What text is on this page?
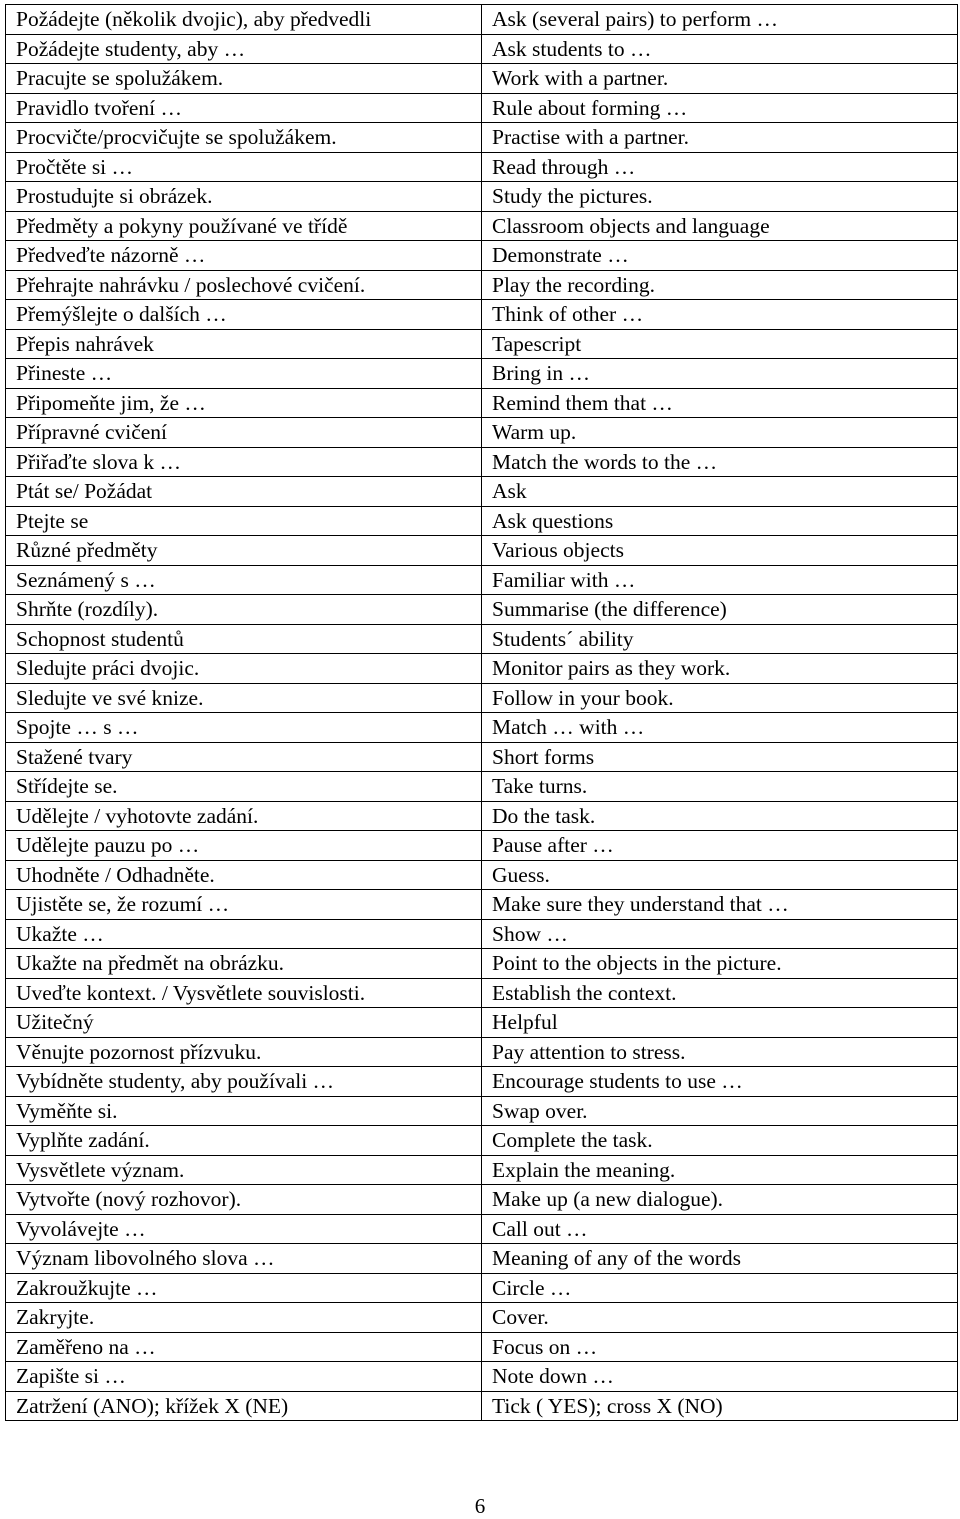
Požádejte (několik dvojic), aby předvedli	Ask (several pairs) to perform …
Požádejte studenty, aby …	Ask students to …
Pracujte se spolužákem.	Work with a partner.
Pravidlo tvoření …	Rule about forming …
Procvičte/procvičujte se spolužákem.	Practise with a partner.
Pročtěte si …	Read through …
Prostudujte si obrázek.	Study the pictures.
Předměty a pokyny používané ve třídě	Classroom objects and language
Předveďte názorně …	Demonstrate …
Přehrajte nahrávku / poslechové cvičení.	Play the recording.
Přemýšlejte o dalších …	Think of other …
Přepis nahrávek	Tapescript
Přineste …	Bring in …
Připomeňte jim, že …	Remind them that …
Přípravné cvičení	Warm up.
Přiřaďte slova k …	Match the words to the …
Ptát se/ Požádat	Ask
Ptejte se	Ask questions
Různé předměty	Various objects
Seznámený s …	Familiar with …
Shrňte (rozdíly).	Summarise (the difference)
Schopnost studentů	Students´ ability
Sledujte práci dvojic.	Monitor pairs as they work.
Sledujte ve své knize.	Follow in your book.
Spojte … s …	Match … with …
Stažené tvary	Short forms
Střídejte se.	Take turns.
Udělejte / vyhotovte zadání.	Do the task.
Udělejte pauzu po …	Pause after …
Uhodněte / Odhadněte.	Guess.
Ujistěte se, že rozumí …	Make sure they understand that …
Ukažte …	Show …
Ukažte na předmět na obrázku.	Point to the objects in the picture.
Uveďte kontext. / Vysvětlete souvislosti.	Establish the context.
Užitečný	Helpful
Věnujte pozornost přízvuku.	Pay attention to stress.
Vybídněte studenty, aby používali …	Encourage students to use …
Vyměňte si.	Swap over.
Vyplňte zadání.	Complete the task.
Vysvětlete význam.	Explain the meaning.
Vytvořte (nový rozhovor).	Make up (a new dialogue).
Vyvolávejte …	Call out …
Význam libovolného slova …	Meaning of any of the words
Zakroužkujte …	Circle …
Zakryjte.	Cover.
Zaměřeno na …	Focus on …
Zapište si …	Note down …
Zatržení (ANO); křížek X (NE)	Tick ( YES); cross X (NO)
6
